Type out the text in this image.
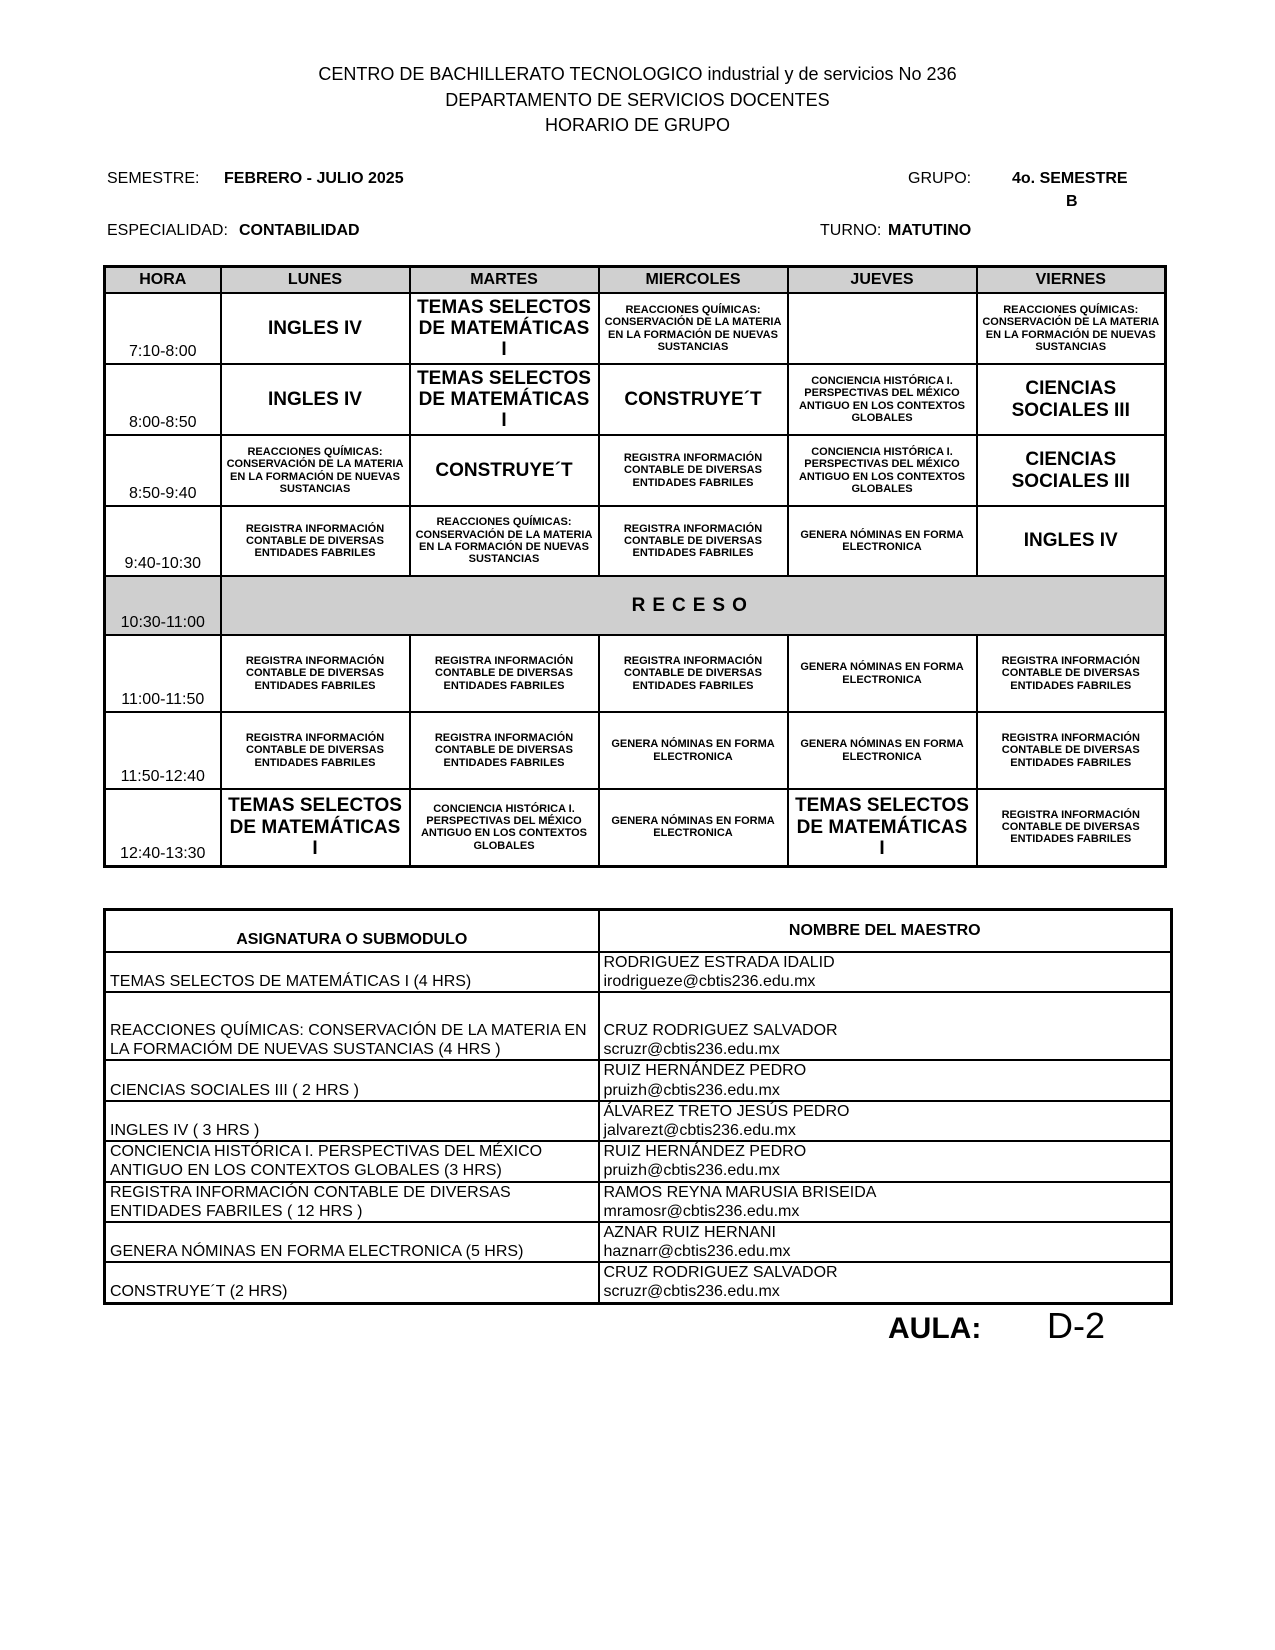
CENTRO DE BACHILLERATO TECNOLOGICO industrial y de servicios No 236
DEPARTAMENTO DE SERVICIOS DOCENTES
HORARIO DE GRUPO
SEMESTRE: FEBRERO - JULIO 2025	GRUPO:	4o. SEMESTRE
B
ESPECIALIDAD: CONTABILIDAD	TURNO: MATUTINO
HORA	LUNES	MARTES	MIERCOLES	JUEVES	VIERNES
7:10-8:00	INGLES IV	TEMAS SELECTOS DE MATEMÁTICAS I	REACCIONES QUÍMICAS: CONSERVACIÓN DE LA MATERIA EN LA FORMACIÓN DE NUEVAS SUSTANCIAS		REACCIONES QUÍMICAS: CONSERVACIÓN DE LA MATERIA EN LA FORMACIÓN DE NUEVAS SUSTANCIAS
8:00-8:50	INGLES IV	TEMAS SELECTOS DE MATEMÁTICAS I	CONSTRUYE´T	CONCIENCIA HISTÓRICA I. PERSPECTIVAS DEL MÉXICO ANTIGUO EN LOS CONTEXTOS GLOBALES	CIENCIAS SOCIALES III
8:50-9:40	REACCIONES QUÍMICAS: CONSERVACIÓN DE LA MATERIA EN LA FORMACIÓN DE NUEVAS SUSTANCIAS	CONSTRUYE´T	REGISTRA INFORMACIÓN CONTABLE DE DIVERSAS ENTIDADES FABRILES	CONCIENCIA HISTÓRICA I. PERSPECTIVAS DEL MÉXICO ANTIGUO EN LOS CONTEXTOS GLOBALES	CIENCIAS SOCIALES III
9:40-10:30	REGISTRA INFORMACIÓN CONTABLE DE DIVERSAS ENTIDADES FABRILES	REACCIONES QUÍMICAS: CONSERVACIÓN DE LA MATERIA EN LA FORMACIÓN DE NUEVAS SUSTANCIAS	REGISTRA INFORMACIÓN CONTABLE DE DIVERSAS ENTIDADES FABRILES	GENERA NÓMINAS EN FORMA ELECTRONICA	INGLES IV
10:30-11:00	RECESO				
11:00-11:50	REGISTRA INFORMACIÓN CONTABLE DE DIVERSAS ENTIDADES FABRILES	REGISTRA INFORMACIÓN CONTABLE DE DIVERSAS ENTIDADES FABRILES	REGISTRA INFORMACIÓN CONTABLE DE DIVERSAS ENTIDADES FABRILES	GENERA NÓMINAS EN FORMA ELECTRONICA	REGISTRA INFORMACIÓN CONTABLE DE DIVERSAS ENTIDADES FABRILES
11:50-12:40	REGISTRA INFORMACIÓN CONTABLE DE DIVERSAS ENTIDADES FABRILES	REGISTRA INFORMACIÓN CONTABLE DE DIVERSAS ENTIDADES FABRILES	GENERA NÓMINAS EN FORMA ELECTRONICA	GENERA NÓMINAS EN FORMA ELECTRONICA	REGISTRA INFORMACIÓN CONTABLE DE DIVERSAS ENTIDADES FABRILES
12:40-13:30	TEMAS SELECTOS DE MATEMÁTICAS I	CONCIENCIA HISTÓRICA I. PERSPECTIVAS DEL MÉXICO ANTIGUO EN LOS CONTEXTOS GLOBALES	GENERA NÓMINAS EN FORMA ELECTRONICA	TEMAS SELECTOS DE MATEMÁTICAS I	REGISTRA INFORMACIÓN CONTABLE DE DIVERSAS ENTIDADES FABRILES
ASIGNATURA O SUBMODULO	NOMBRE DEL MAESTRO
TEMAS SELECTOS DE MATEMÁTICAS I (4 HRS)	RODRIGUEZ ESTRADA IDALID
irodrigueze@cbtis236.edu.mx

REACCIONES QUÍMICAS: CONSERVACIÓN DE LA MATERIA EN LA FORMACIÓM DE NUEVAS SUSTANCIAS (4 HRS )	CRUZ RODRIGUEZ SALVADOR
scruzr@cbtis236.edu.mx

CIENCIAS SOCIALES III ( 2 HRS )	RUIZ HERNÁNDEZ PEDRO
pruizh@cbtis236.edu.mx

INGLES IV ( 3 HRS )	ÁLVAREZ TRETO JESÚS PEDRO
jalvarezt@cbtis236.edu.mx

CONCIENCIA HISTÓRICA I. PERSPECTIVAS DEL MÉXICO ANTIGUO EN LOS CONTEXTOS GLOBALES (3 HRS)	RUIZ HERNÁNDEZ PEDRO
pruizh@cbtis236.edu.mx

REGISTRA INFORMACIÓN CONTABLE DE DIVERSAS ENTIDADES FABRILES ( 12 HRS )	RAMOS REYNA MARUSIA BRISEIDA
mramosr@cbtis236.edu.mx

GENERA NÓMINAS EN FORMA ELECTRONICA (5 HRS)	AZNAR RUIZ HERNANI
haznarr@cbtis236.edu.mx

CONSTRUYE´T (2 HRS)	CRUZ RODRIGUEZ SALVADOR
scruzr@cbtis236.edu.mx
AULA: D-2
